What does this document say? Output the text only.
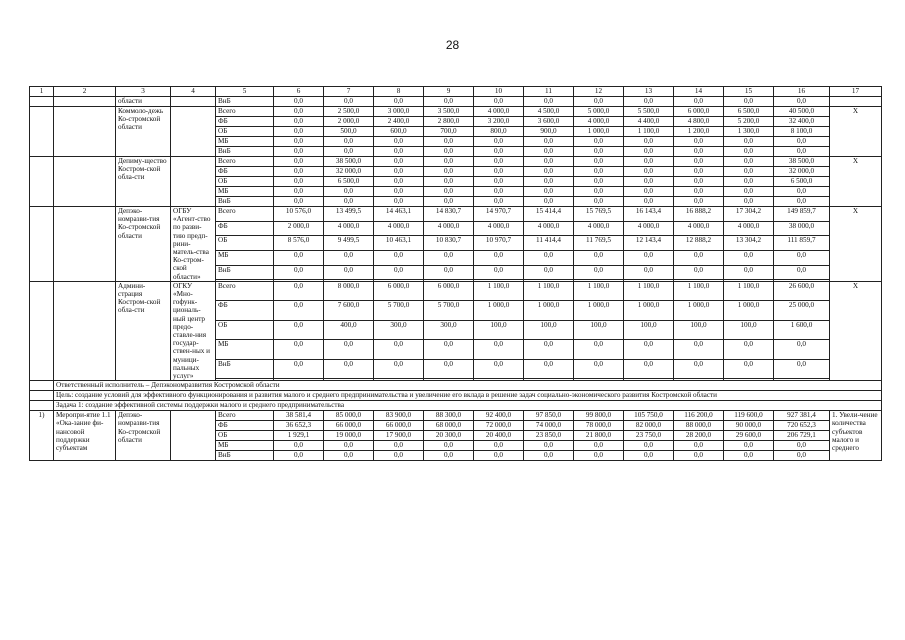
28
1	2	3	4	5	6	7	8	9	10	11	12	13	14	15	16	17
		области		ВнБ	0,0	0,0	0,0	0,0	0,0	0,0	0,0	0,0	0,0	0,0	0,0	
		Коммоло-дежь Ко-стромской области		Всего	0,0	2 500,0	3 000,0	3 500,0	4 000,0	4 500,0	5 000,0	5 500,0	6 000,0	6 500,0	40 500,0	X
				ФБ	0,0	2 000,0	2 400,0	2 800,0	3 200,0	3 600,0	4 000,0	4 400,0	4 800,0	5 200,0	32 400,0	
				ОБ	0,0	500,0	600,0	700,0	800,0	900,0	1 000,0	1 100,0	1 200,0	1 300,0	8 100,0	
				МБ	0,0	0,0	0,0	0,0	0,0	0,0	0,0	0,0	0,0	0,0	0,0	
				ВнБ	0,0	0,0	0,0	0,0	0,0	0,0	0,0	0,0	0,0	0,0	0,0	
		Депиму-щество Костром-ской обла-сти		Всего	0,0	38 500,0	0,0	0,0	0,0	0,0	0,0	0,0	0,0	0,0	38 500,0	X
				ФБ	0,0	32 000,0	0,0	0,0	0,0	0,0	0,0	0,0	0,0	0,0	32 000,0	
				ОБ	0,0	6 500,0	0,0	0,0	0,0	0,0	0,0	0,0	0,0	0,0	6 500,0	
				МБ	0,0	0,0	0,0	0,0	0,0	0,0	0,0	0,0	0,0	0,0	0,0	
				ВнБ	0,0	0,0	0,0	0,0	0,0	0,0	0,0	0,0	0,0	0,0	0,0	
		Депэко-номразви-тия Ко-стромской области	ОГБУ «Агент-ство по разви-тию предп-рини-матель-ства Ко-стром-ской области»	Всего	10 576,0	13 499,5	14 463,1	14 830,7	14 970,7	15 414,4	15 769,5	16 143,4	16 888,2	17 304,2	149 859,7	X
				ФБ	2 000,0	4 000,0	4 000,0	4 000,0	4 000,0	4 000,0	4 000,0	4 000,0	4 000,0	4 000,0	38 000,0	
				ОБ	8 576,0	9 499,5	10 463,1	10 830,7	10 970,7	11 414,4	11 769,5	12 143,4	12 888,2	13 304,2	111 859,7	
				МБ	0,0	0,0	0,0	0,0	0,0	0,0	0,0	0,0	0,0	0,0	0,0	
				ВнБ	0,0	0,0	0,0	0,0	0,0	0,0	0,0	0,0	0,0	0,0	0,0	

		Админи-страция Костром-ской обла-сти	ОГКУ «Мно-гофунк-циональ-ный центр предо-ставле-ния государ-ствен-ных и муници-пальных услуг»	Всего	0,0	8 000,0	6 000,0	6 000,0	1 100,0	1 100,0	1 100,0	1 100,0	1 100,0	1 100,0	26 600,0	X
				ФБ	0,0	7 600,0	5 700,0	5 700,0	1 000,0	1 000,0	1 000,0	1 000,0	1 000,0	1 000,0	25 000,0	
				ОБ	0,0	400,0	300,0	300,0	100,0	100,0	100,0	100,0	100,0	100,0	1 600,0	
				МБ	0,0	0,0	0,0	0,0	0,0	0,0	0,0	0,0	0,0	0,0	0,0	
				ВнБ	0,0	0,0	0,0	0,0	0,0	0,0	0,0	0,0	0,0	0,0	0,0	

	Ответственный исполнитель – Депэкономразвития Костромской области															
	Цель: создание условий для эффективного функционирования и развития малого и среднего предпринимательства и увеличение его вклада в решение задач социально-экономического развития Костромской области															
	Задача 1: создание эффективной системы поддержки малого и среднего предпринимательства															
1)	Меропри-ятие 1.1 «Ока-зание фи-нансовой поддержки субъектам	Депэко-номразви-тия Ко-стромской области		Всего	38 581,4	85 000,0	83 900,0	88 300,0	92 400,0	97 850,0	99 800,0	105 750,0	116 200,0	119 600,0	927 381,4	1. Увели-чение количества субъектов малого и среднего
				ФБ	36 652,3	66 000,0	66 000,0	68 000,0	72 000,0	74 000,0	78 000,0	82 000,0	88 000,0	90 000,0	720 652,3	
				ОБ	1 929,1	19 000,0	17 900,0	20 300,0	20 400,0	23 850,0	21 800,0	23 750,0	28 200,0	29 600,0	206 729,1	
				МБ	0,0	0,0	0,0	0,0	0,0	0,0	0,0	0,0	0,0	0,0	0,0	
				ВнБ	0,0	0,0	0,0	0,0	0,0	0,0	0,0	0,0	0,0	0,0	0,0	
